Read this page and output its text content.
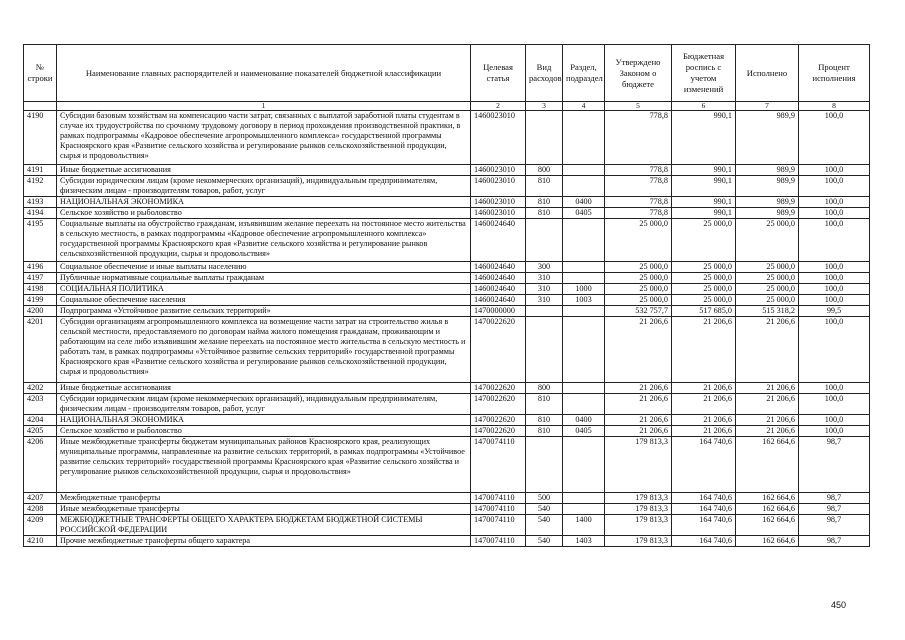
№ строки	Наименование главных распорядителей и наименование показателей бюджетной классификации	Целевая статья	Вид расходов	Раздел, подраздел	Утверждено Законом о бюджете	Бюджетная роспись с учетом изменений	Исполнено	Процент исполнения
	1	2	3	4	5	6	7	8
4190	Субсидии базовым хозяйствам на компенсацию части затрат, связанных с выплатой заработной платы студентам в случае их трудоустройства по срочному трудовому договору в период прохождения производственной практики, в рамках подпрограммы «Кадровое обеспечение агропромышленного комплекса» государственной программы Красноярского края «Развитие сельского хозяйства и регулирование рынков сельскохозяйственной продукции, сырья и продовольствия»	1460023010			778,8	990,1	989,9	100,0
4191	Иные бюджетные ассигнования	1460023010	800		778,8	990,1	989,9	100,0
4192	Субсидии юридическим лицам (кроме некоммерческих организаций), индивидуальным предпринимателям, физическим лицам - производителям товаров, работ, услуг	1460023010	810		778,8	990,1	989,9	100,0
4193	НАЦИОНАЛЬНАЯ ЭКОНОМИКА	1460023010	810	0400	778,8	990,1	989,9	100,0
4194	Сельское хозяйство и рыболовство	1460023010	810	0405	778,8	990,1	989,9	100,0
4195	Социальные выплаты на обустройство гражданам, изъявившим желание переехать на постоянное место жительства в сельскую местность, в рамках подпрограммы «Кадровое обеспечение агропромышленного комплекса» государственной программы Красноярского края «Развитие сельского хозяйства и регулирование рынков сельскохозяйственной продукции, сырья и продовольствия»	1460024640			25 000,0	25 000,0	25 000,0	100,0
4196	Социальное обеспечение и иные выплаты населению	1460024640	300		25 000,0	25 000,0	25 000,0	100,0
4197	Публичные нормативные социальные выплаты гражданам	1460024640	310		25 000,0	25 000,0	25 000,0	100,0
4198	СОЦИАЛЬНАЯ ПОЛИТИКА	1460024640	310	1000	25 000,0	25 000,0	25 000,0	100,0
4199	Социальное обеспечение населения	1460024640	310	1003	25 000,0	25 000,0	25 000,0	100,0
4200	Подпрограмма «Устойчивое развитие сельских территорий»	1470000000			532 757,7	517 685,0	515 318,2	99,5
4201	Субсидии организациям агропромышленного комплекса на возмещение части затрат на строительство жилья в сельской местности, предоставляемого по договорам найма жилого помещения гражданам, проживающим и работающим на селе либо изъявившим желание переехать на постоянное место жительства в сельскую местность и работать там, в рамках подпрограммы «Устойчивое развитие сельских территорий» государственной программы Красноярского края «Развитие сельского хозяйства и регулирование рынков сельскохозяйственной продукции, сырья и продовольствия»	1470022620			21 206,6	21 206,6	21 206,6	100,0
4202	Иные бюджетные ассигнования	1470022620	800		21 206,6	21 206,6	21 206,6	100,0
4203	Субсидии юридическим лицам (кроме некоммерческих организаций), индивидуальным предпринимателям, физическим лицам - производителям товаров, работ, услуг	1470022620	810		21 206,6	21 206,6	21 206,6	100,0
4204	НАЦИОНАЛЬНАЯ ЭКОНОМИКА	1470022620	810	0400	21 206,6	21 206,6	21 206,6	100,0
4205	Сельское хозяйство и рыболовство	1470022620	810	0405	21 206,6	21 206,6	21 206,6	100,0
4206	Иные межбюджетные трансферты бюджетам муниципальных районов Красноярского края, реализующих муниципальные программы, направленные на развитие сельских территорий, в рамках подпрограммы «Устойчивое развитие сельских территорий» государственной программы Красноярского края «Развитие сельского хозяйства и регулирование рынков сельскохозяйственной продукции, сырья и продовольствия»	1470074110			179 813,3	164 740,6	162 664,6	98,7
4207	Межбюджетные трансферты	1470074110	500		179 813,3	164 740,6	162 664,6	98,7
4208	Иные межбюджетные трансферты	1470074110	540		179 813,3	164 740,6	162 664,6	98,7
4209	МЕЖБЮДЖЕТНЫЕ ТРАНСФЕРТЫ ОБЩЕГО ХАРАКТЕРА БЮДЖЕТАМ БЮДЖЕТНОЙ СИСТЕМЫ РОССИЙСКОЙ ФЕДЕРАЦИИ	1470074110	540	1400	179 813,3	164 740,6	162 664,6	98,7
4210	Прочие межбюджетные трансферты общего характера	1470074110	540	1403	179 813,3	164 740,6	162 664,6	98,7
450
